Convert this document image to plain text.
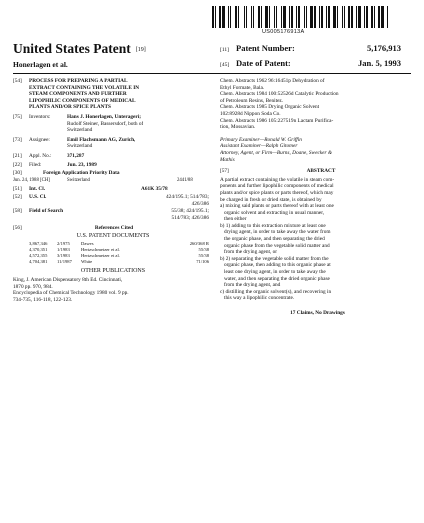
US005176913A
United States Patent [19]
Honerlagen et al.
[11] Patent Number:	5,176,913
[45] Date of Patent:	Jan. 5, 1993
[54]	PROCESS FOR PREPARING A PARTIAL
EXTRACT CONTAINING THE VOLATILE IN
STEAM COMPONENTS AND FURTHER
LIPOPHILIC COMPONENTS OF MEDICAL
PLANTS AND/OR SPICE PLANTS
[75]	Inventors:	Hans J. Honerlagen, Unterageri;
Rudolf Steiner, Bassersdorf, both of
Switzerland
[73]	Assignee:	Emil Flachsmann AG, Zurich,
Switzerland
[21]	Appl. No.:	371,287
[22]	Filed:	Jun. 23, 1989
[30]	Foreign Application Priority Data
Jun. 24, 1988 [CH]	Switzerland	2441/88
[51]	Int. Cl.	A61K 35/78
[52]	U.S. Cl.	424/195.1; 514/783;
426/386
[58]	Field of Search	55/38; 424/195.1;
514/783; 426/386
[56]	References Cited
U.S. PATENT DOCUMENTS
3,867,346	2/1975	Dawes	260/368 R
4,370,351	1/1983	Hertzschmetzer et al.	55/38
4,572,355	3/1983	Hertzschmetzer et al.	55/38
4,704,381	11/1987	White	71/106
OTHER PUBLICATIONS
King, J. American Dispensatory 8th Ed. Cincinnati,
1870 pp. 970, 984.
Encyclopedia of Chemical Technology 1980 vol. 9 pp.
734-735, 116-118, 122-123.
Chem. Abstracts 1962 96:16451p Dehydration of
Ethyl Formate, Bala.
Chem. Abstracts 1984 100:52526d Catalytic Production
of Petroleum Resins, Benitez.
Chem. Abstracts 1985 Drying Organic Solvent
102:8928d Nippon Soda Co.
Chem. Abstracts 1986 105:227519n Lactam Purifica-
tion, Mossavian.
Primary Examiner—Ronald W. Griffin
Assistant Examiner—Ralph Gitomer
Attorney, Agent, or Firm—Burns, Doane, Swecker &
Mathis
[57]	ABSTRACT
A partial extract containing the volatile in steam com-
ponents and further lipophilic components of medical
plants and/or spice plants or parts thereof, which may
be charged in fresh or dried state, is obtained by
a) mixing said plants or parts thereof with at least one
organic solvent and extracting in usual manner,
then either
b) 1) adding to this extraction mixture at least one
drying agent, in order to take away the water from
the organic phase, and then separating the dried
organic phase from the vegetable solid matter and
from the drying agent, or
b) 2) separating the vegetable solid matter from the
organic phase, then adding to this organic phase at
least one drying agent, in order to take away the
water, and then separating the dried organic phase
from the drying agent, and
c) distilling the organic solvent(s), and recovering in
this way a lipophilic concentrate.
17 Claims, No Drawings
